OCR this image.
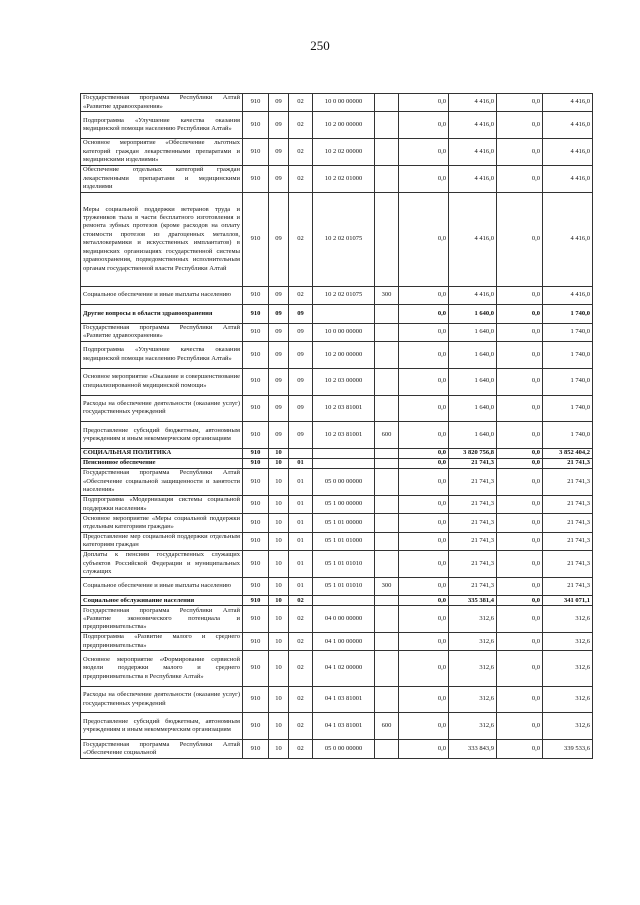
250
Государственная программа Республики Алтай «Развитие здравоохранения»	910	09	02	10 0 00 00000		0,0	4 416,0	0,0	4 416,0
Подпрограмма «Улучшение качества оказания медицинской помощи населению Республики Алтай»	910	09	02	10 2 00 00000		0,0	4 416,0	0,0	4 416,0
Основное мероприятие «Обеспечение льготных категорий граждан лекарственными препаратами и медицинскими изделиями»	910	09	02	10 2 02 00000		0,0	4 416,0	0,0	4 416,0
Обеспечение отдельных категорий граждан лекарственными препаратами и медицинскими изделиями	910	09	02	10 2 02 01000		0,0	4 416,0	0,0	4 416,0
Меры социальной поддержки ветеранов труда и тружеников тыла в части бесплатного изготовления и ремонта зубных протезов (кроме расходов на оплату стоимости протезов из драгоценных металлов, металлокерамики и искусственных имплантатов) в медицинских организациях государственной системы здравоохранения, подведомственных исполнительным органам государственной власти Республики Алтай	910	09	02	10 2 02 01075		0,0	4 416,0	0,0	4 416,0
Социальное обеспечение и иные выплаты населению	910	09	02	10 2 02 01075	300	0,0	4 416,0	0,0	4 416,0
Другие вопросы в области здравоохранения	910	09	09			0,0	1 640,0	0,0	1 740,0
Государственная программа Республики Алтай «Развитие здравоохранения»	910	09	09	10 0 00 00000		0,0	1 640,0	0,0	1 740,0
Подпрограмма «Улучшение качества оказания медицинской помощи населению Республики Алтай»	910	09	09	10 2 00 00000		0,0	1 640,0	0,0	1 740,0
Основное мероприятие «Оказание и совершенствование специализированной медицинской помощи»	910	09	09	10 2 03 00000		0,0	1 640,0	0,0	1 740,0
Расходы на обеспечение деятельности (оказание услуг) государственных учреждений	910	09	09	10 2 03 81001		0,0	1 640,0	0,0	1 740,0
Предоставление субсидий бюджетным, автономным учреждениям и иным некоммерческим организациям	910	09	09	10 2 03 81001	600	0,0	1 640,0	0,0	1 740,0
СОЦИАЛЬНАЯ ПОЛИТИКА	910	10				0,0	3 820 756,8	0,0	3 852 404,2
Пенсионное обеспечение	910	10	01			0,0	21 741,3	0,0	21 741,3
Государственная программа Республики Алтай «Обеспечение социальной защищенности и занятости населения»	910	10	01	05 0 00 00000		0,0	21 741,3	0,0	21 741,3
Подпрограмма «Модернизация системы социальной поддержки населения»	910	10	01	05 1 00 00000		0,0	21 741,3	0,0	21 741,3
Основное мероприятие «Меры социальной поддержки отдельным категориям граждан»	910	10	01	05 1 01 00000		0,0	21 741,3	0,0	21 741,3
Предоставление мер социальной поддержки отдельным категориям граждан	910	10	01	05 1 01 01000		0,0	21 741,3	0,0	21 741,3
Доплаты к пенсиям государственных служащих субъектов Российской Федерации и муниципальных служащих	910	10	01	05 1 01 01010		0,0	21 741,3	0,0	21 741,3
Социальное обеспечение и иные выплаты населению	910	10	01	05 1 01 01010	300	0,0	21 741,3	0,0	21 741,3
Социальное обслуживание населения	910	10	02			0,0	335 381,4	0,0	341 071,1
Государственная программа Республики Алтай «Развитие экономического потенциала и предпринимательства»	910	10	02	04 0 00 00000		0,0	312,6	0,0	312,6
Подпрограмма «Развитие малого и среднего предпринимательства»	910	10	02	04 1 00 00000		0,0	312,6	0,0	312,6
Основное мероприятие «Формирование сервисной модели поддержки малого и среднего предпринимательства в Республике Алтай»	910	10	02	04 1 02 00000		0,0	312,6	0,0	312,6
Расходы на обеспечение деятельности (оказание услуг) государственных учреждений	910	10	02	04 1 03 81001		0,0	312,6	0,0	312,6
Предоставление субсидий бюджетным, автономным учреждениям и иным некоммерческим организациям	910	10	02	04 1 03 81001	600	0,0	312,6	0,0	312,6
Государственная программа Республики Алтай «Обеспечение социальной	910	10	02	05 0 00 00000		0,0	333 843,9	0,0	339 533,6
